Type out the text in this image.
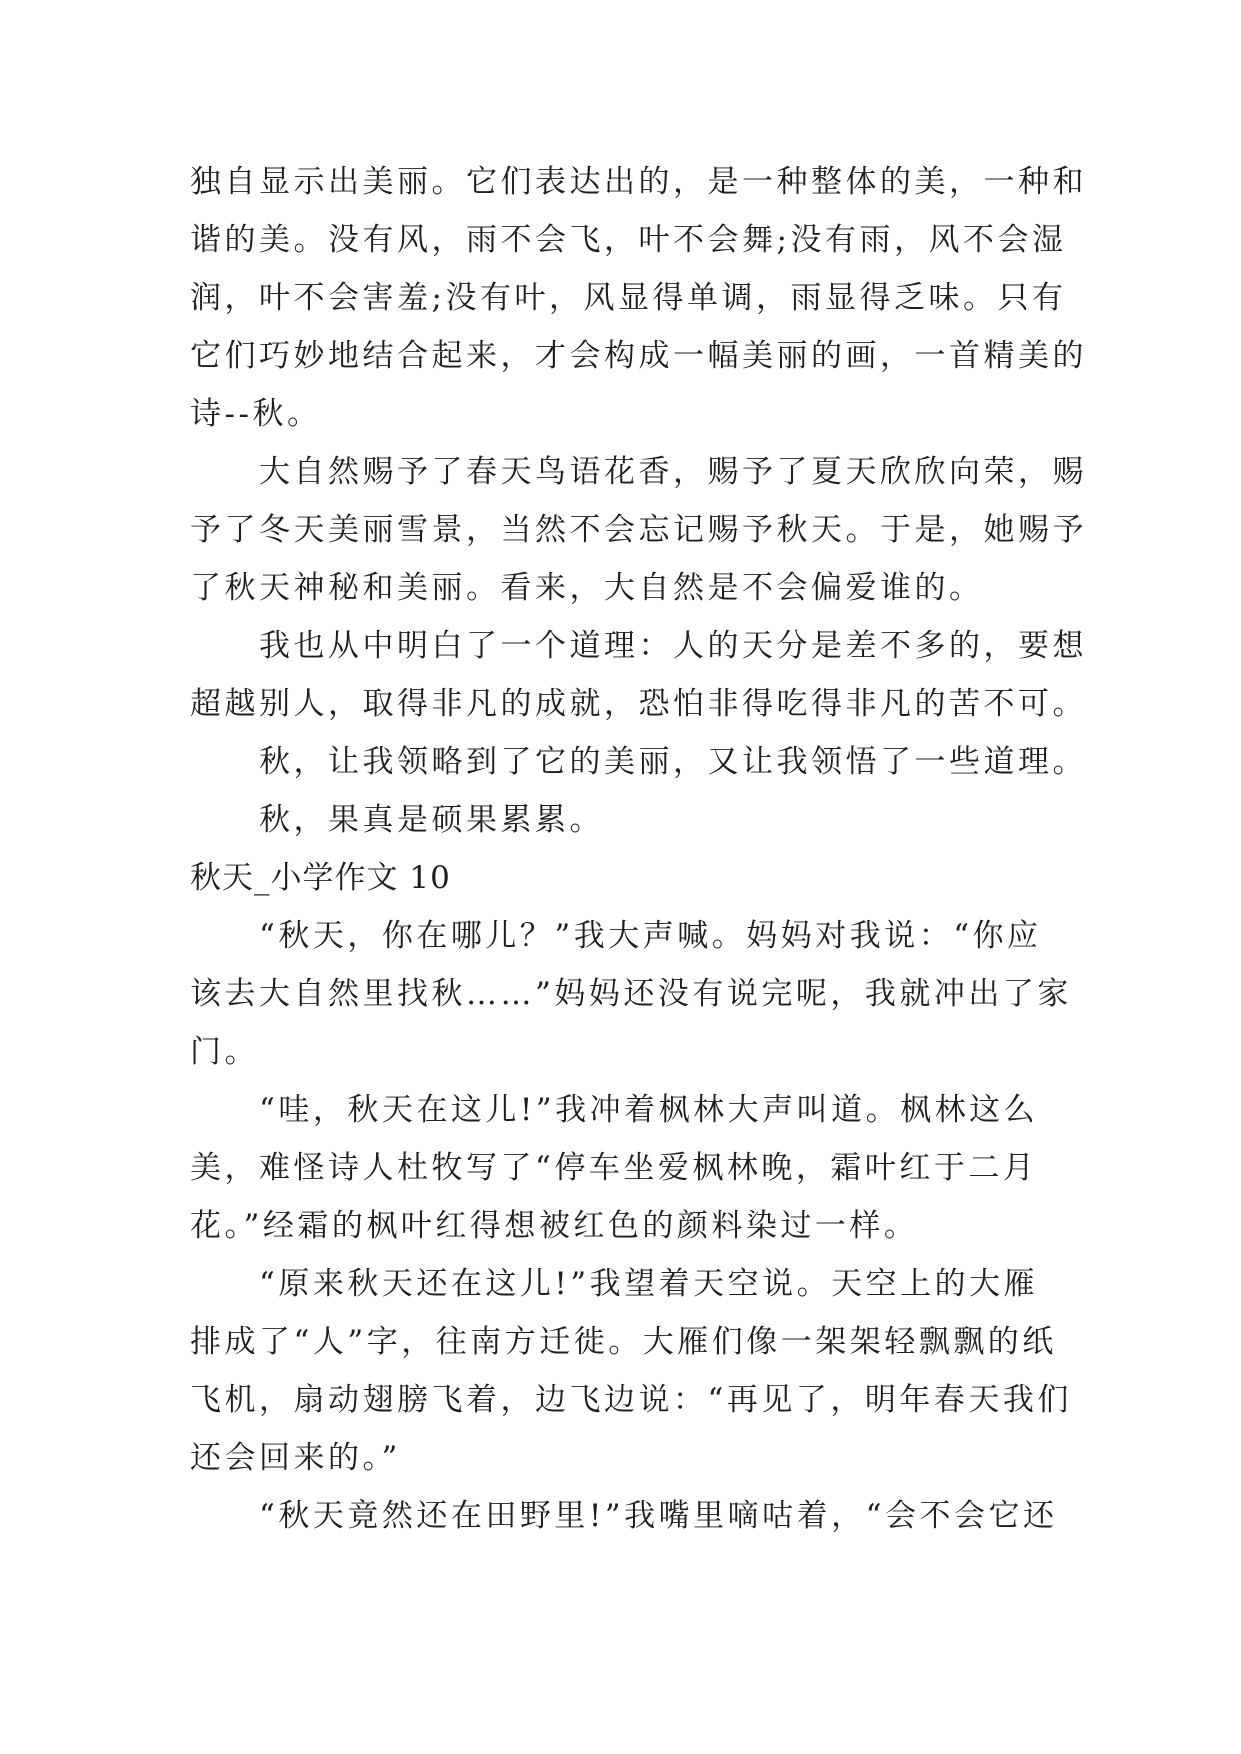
独自显示出美丽。它们表达出的，是一种整体的美，一种和

谐的美。没有风，雨不会飞，叶不会舞;没有雨，风不会湿

润，叶不会害羞;没有叶，风显得单调，雨显得乏味。只有

它们巧妙地结合起来，才会构成一幅美丽的画，一首精美的

诗--秋。

　　大自然赐予了春天鸟语花香，赐予了夏天欣欣向荣，赐

予了冬天美丽雪景，当然不会忘记赐予秋天。于是，她赐予

了秋天神秘和美丽。看来，大自然是不会偏爱谁的。

　　我也从中明白了一个道理：人的天分是差不多的，要想

超越别人，取得非凡的成就，恐怕非得吃得非凡的苦不可。

　　秋，让我领略到了它的美丽，又让我领悟了一些道理。

　　秋，果真是硕果累累。

秋天_小学作文 10

　　“秋天，你在哪儿？”我大声喊。妈妈对我说：“你应

该去大自然里找秋……”妈妈还没有说完呢，我就冲出了家

门。

　　“哇，秋天在这儿!”我冲着枫林大声叫道。枫林这么

美，难怪诗人杜牧写了“停车坐爱枫林晚，霜叶红于二月

花。”经霜的枫叶红得想被红色的颜料染过一样。

　　“原来秋天还在这儿!”我望着天空说。天空上的大雁

排成了“人”字，往南方迁徙。大雁们像一架架轻飘飘的纸

飞机，扇动翅膀飞着，边飞边说：“再见了，明年春天我们

还会回来的。”

　　“秋天竟然还在田野里!”我嘴里嘀咕着，“会不会它还
